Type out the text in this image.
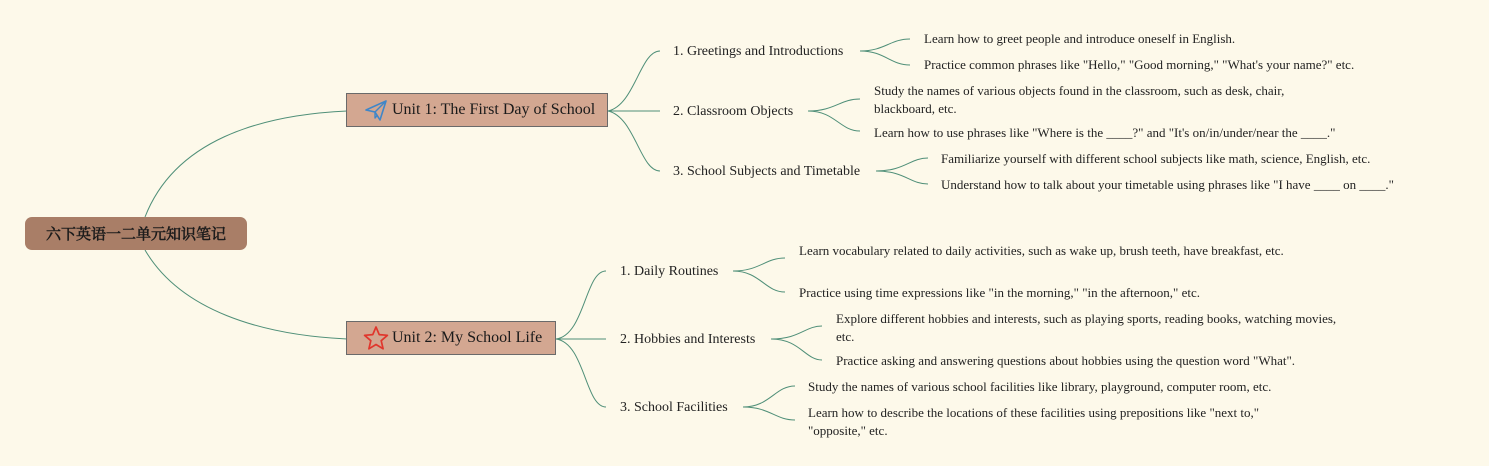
六下英语一二单元知识笔记
Unit 1: The First Day of School
1. Greetings and Introductions
2. Classroom Objects
3. School Subjects and Timetable
Learn how to greet people and introduce oneself in English.
Practice common phrases like "Hello," "Good morning," "What's your name?" etc.
Study the names of various objects found in the classroom, such as desk, chair, blackboard, etc.
Learn how to use phrases like "Where is the ____?" and "It's on/in/under/near the ____."
Familiarize yourself with different school subjects like math, science, English, etc.
Understand how to talk about your timetable using phrases like "I have ____ on ____."
Unit 2: My School Life
1. Daily Routines
2. Hobbies and Interests
3. School Facilities
Learn vocabulary related to daily activities, such as wake up, brush teeth, have breakfast, etc.
Practice using time expressions like "in the morning," "in the afternoon," etc.
Explore different hobbies and interests, such as playing sports, reading books, watching movies, etc.
Practice asking and answering questions about hobbies using the question word "What".
Study the names of various school facilities like library, playground, computer room, etc.
Learn how to describe the locations of these facilities using prepositions like "next to," "opposite," etc.
